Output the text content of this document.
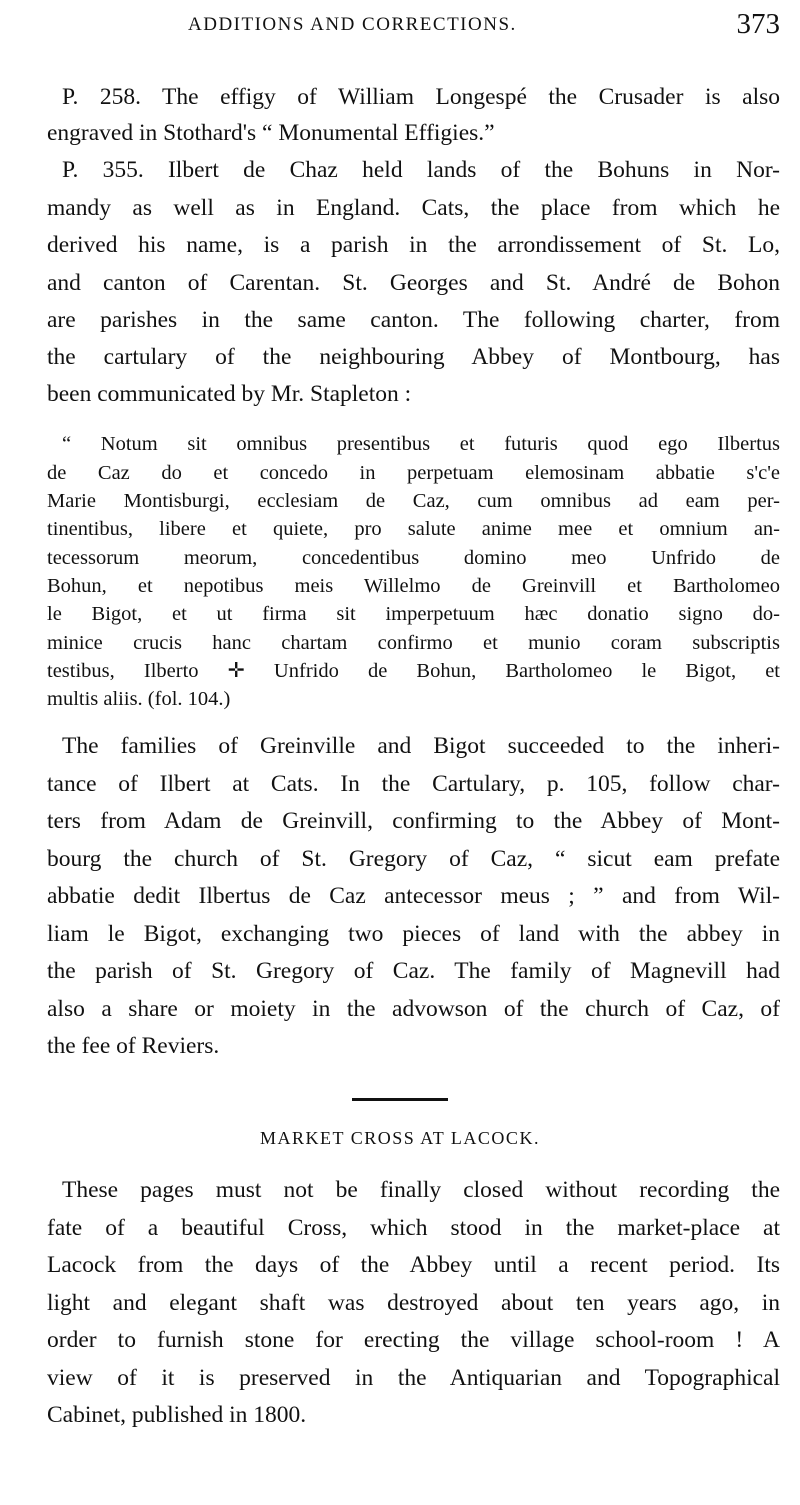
ADDITIONS AND CORRECTIONS.	373
P. 258. The effigy of William Longespé the Crusader is also
engraved in Stothard's “ Monumental Effigies.”
P. 355. Ilbert de Chaz held lands of the Bohuns in Nor-
mandy as well as in England. Cats, the place from which he
derived his name, is a parish in the arrondissement of St. Lo,
and canton of Carentan. St. Georges and St. André de Bohon
are parishes in the same canton. The following charter, from
the cartulary of the neighbouring Abbey of Montbourg, has
been communicated by Mr. Stapleton :
“ Notum sit omnibus presentibus et futuris quod ego Ilbertus
de Caz do et concedo in perpetuam elemosinam abbatie s'c'e
Marie Montisburgi, ecclesiam de Caz, cum omnibus ad eam per-
tinentibus, libere et quiete, pro salute anime mee et omnium an-
tecessorum meorum, concedentibus domino meo Unfrido de
Bohun, et nepotibus meis Willelmo de Greinvill et Bartholomeo
le Bigot, et ut firma sit imperpetuum hæc donatio signo do-
minice crucis hanc chartam confirmo et munio coram subscriptis
testibus, Ilberto ✛ Unfrido de Bohun, Bartholomeo le Bigot, et
multis aliis. (fol. 104.)
The families of Greinville and Bigot succeeded to the inheri-
tance of Ilbert at Cats. In the Cartulary, p. 105, follow char-
ters from Adam de Greinvill, confirming to the Abbey of Mont-
bourg the church of St. Gregory of Caz, “ sicut eam prefate
abbatie dedit Ilbertus de Caz antecessor meus ; ” and from Wil-
liam le Bigot, exchanging two pieces of land with the abbey in
the parish of St. Gregory of Caz. The family of Magnevill had
also a share or moiety in the advowson of the church of Caz, of
the fee of Reviers.
MARKET CROSS AT LACOCK.
These pages must not be finally closed without recording the
fate of a beautiful Cross, which stood in the market-place at
Lacock from the days of the Abbey until a recent period. Its
light and elegant shaft was destroyed about ten years ago, in
order to furnish stone for erecting the village school-room ! A
view of it is preserved in the Antiquarian and Topographical
Cabinet, published in 1800.
